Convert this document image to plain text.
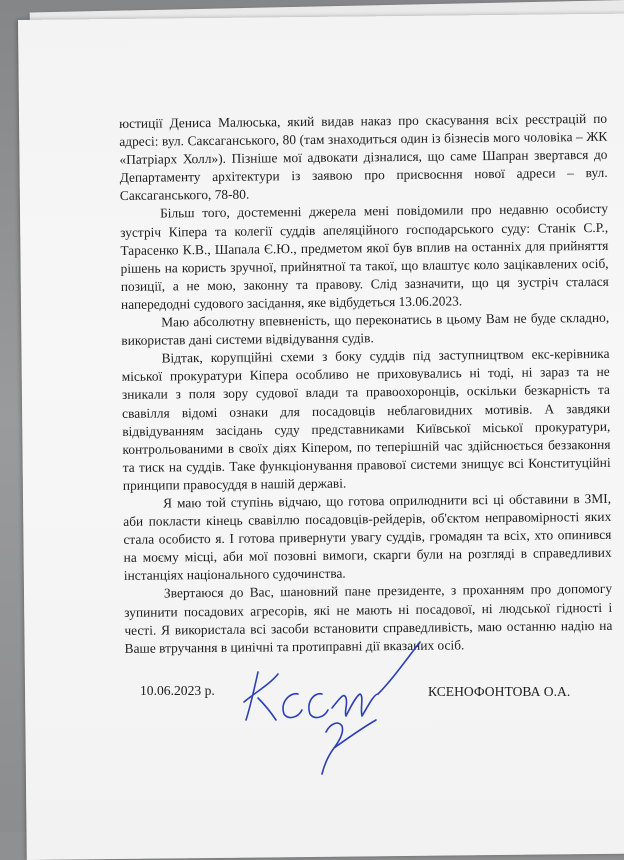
юстиції Дениса Малюська, який видав наказ про скасування всіх реєстрацій по адресі: вул. Саксаганського, 80 (там знаходиться один із бізнесів мого чоловіка – ЖК «Патріарх Холл»). Пізніше мої адвокати дізналися, що саме Шапран звертався до Департаменту архітектури із заявою про присвоєння нової адреси – вул. Саксаганського, 78-80.

Більш того, достеменні джерела мені повідомили про недавню особисту зустріч Кіпера та колегії суддів апеляційного господарського суду: Станік С.Р., Тарасенко К.В., Шапала Є.Ю., предметом якої був вплив на останніх для прийняття рішень на користь зручної, прийнятної та такої, що влаштує коло зацікавлених осіб, позиції, а не мою, законну та правову. Слід зазначити, що ця зустріч сталася напередодні судового засідання, яке відбудеться 13.06.2023.

Маю абсолютну впевненість, що переконатись в цьому Вам не буде складно, використав дані системи відвідування судів.

Відтак, корупційні схеми з боку суддів під заступництвом екс-керівника міської прокуратури Кіпера особливо не приховувались ні тоді, ні зараз та не зникали з поля зору судової влади та правоохоронців, оскільки безкарність та свавілля відомі ознаки для посадовців неблаговидних мотивів. А завдяки відвідуванням засідань суду представниками Київської міської прокуратури, контрольованими в своїх діях Кіпером, по теперішній час здійснюється беззаконня та тиск на суддів. Таке функціонування правової системи знищує всі Конституційні принципи правосуддя в нашій державі.

Я маю той ступінь відчаю, що готова оприлюднити всі ці обставини в ЗМІ, аби покласти кінець свавіллю посадовців-рейдерів, об'єктом неправомірності яких стала особисто я. І готова привернути увагу суддів, громадян та всіх, хто опинився на моєму місці, аби мої позовні вимоги, скарги були на розгляді в справедливих інстанціях національного судочинства.

Звертаюся до Вас, шановний пане президенте, з проханням про допомогу зупинити посадових агресорів, які не мають ні посадової, ні людської гідності і честі. Я використала всі засоби встановити справедливість, маю останню надію на Ваше втручання в цинічні та протиправні дії вказаних осіб.

10.06.2023 р.	КСЕНОФОНТОВА О.А.
